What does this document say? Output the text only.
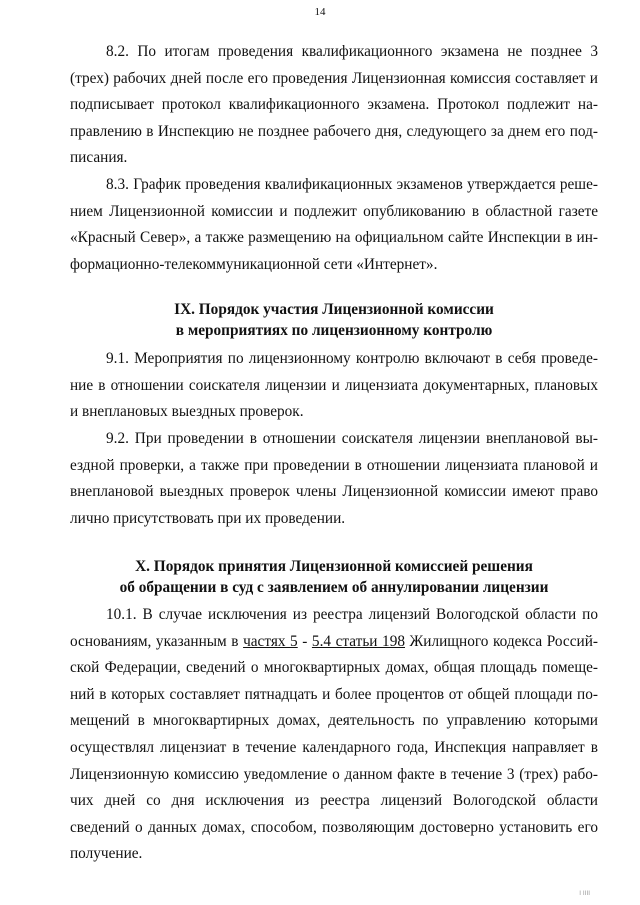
14

8.2. По итогам проведения квалификационного экзамена не позднее 3 (трех) рабочих дней после его проведения Лицензионная комиссия составляет и подписывает протокол квалификационного экзамена. Протокол подлежит направлению в Инспекцию не позднее рабочего дня, следующего за днем его подписания.

8.3. График проведения квалификационных экзаменов утверждается решением Лицензионной комиссии и подлежит опубликованию в областной газете «Красный Север», а также размещению на официальном сайте Инспекции в информационно-телекоммуникационной сети «Интернет».

IX. Порядок участия Лицензионной комиссии
в мероприятиях по лицензионному контролю

9.1. Мероприятия по лицензионному контролю включают в себя проведение в отношении соискателя лицензии и лицензиата документарных, плановых и внеплановых выездных проверок.

9.2. При проведении в отношении соискателя лицензии внеплановой выездной проверки, а также при проведении в отношении лицензиата плановой и внеплановой выездных проверок члены Лицензионной комиссии имеют право лично присутствовать при их проведении.

X. Порядок принятия Лицензионной комиссией решения
об обращении в суд с заявлением об аннулировании лицензии

10.1. В случае исключения из реестра лицензий Вологодской области по основаниям, указанным в частях 5 - 5.4 статьи 198 Жилищного кодекса Российской Федерации, сведений о многоквартирных домах, общая площадь помещений в которых составляет пятнадцать и более процентов от общей площади помещений в многоквартирных домах, деятельность по управлению которыми осуществлял лицензиат в течение календарного года, Инспекция направляет в Лицензионную комиссию уведомление о данном факте в течение 3 (трех) рабочих дней со дня исключения из реестра лицензий Вологодской области сведений о данных домах, способом, позволяющим достоверно установить его получение.

I IIII
